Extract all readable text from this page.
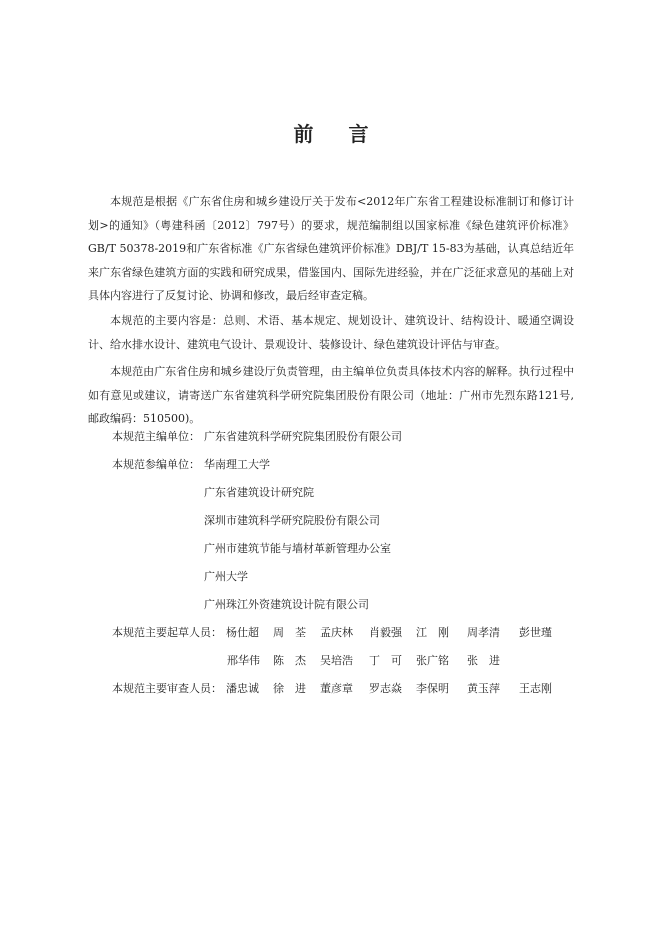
前 言

本规范是根据《广东省住房和城乡建设厅关于发布<2012年广东省工程建设标准制订和修订计划>的通知》（粤建科函〔2012〕797号）的要求，规范编制组以国家标准《绿色建筑评价标准》GB/T 50378-2019和广东省标准《广东省绿色建筑评价标准》DBJ/T 15-83为基础，认真总结近年来广东省绿色建筑方面的实践和研究成果，借鉴国内、国际先进经验，并在广泛征求意见的基础上对具体内容进行了反复讨论、协调和修改，最后经审查定稿。

本规范的主要内容是：总则、术语、基本规定、规划设计、建筑设计、结构设计、暖通空调设计、给水排水设计、建筑电气设计、景观设计、装修设计、绿色建筑设计评估与审查。

本规范由广东省住房和城乡建设厅负责管理，由主编单位负责具体技术内容的解释。执行过程中如有意见或建议，请寄送广东省建筑科学研究院集团股份有限公司（地址：广州市先烈东路121号,邮政编码：510500)。

本规范主编单位： 广东省建筑科学研究院集团股份有限公司
本规范参编单位： 华南理工大学
广东省建筑设计研究院
深圳市建筑科学研究院股份有限公司
广州市建筑节能与墙材革新管理办公室
广州大学
广州珠江外资建筑设计院有限公司
本规范主要起草人员： 杨仕超 周　荃 孟庆林 肖毅强 江　刚 周孝清 彭世瑾
邢华伟 陈　杰 吴培浩 丁　可 张广铭 张　进
本规范主要审查人员： 潘忠诚 徐　进 董彦章 罗志焱 李保明 黄玉萍 王志刚
